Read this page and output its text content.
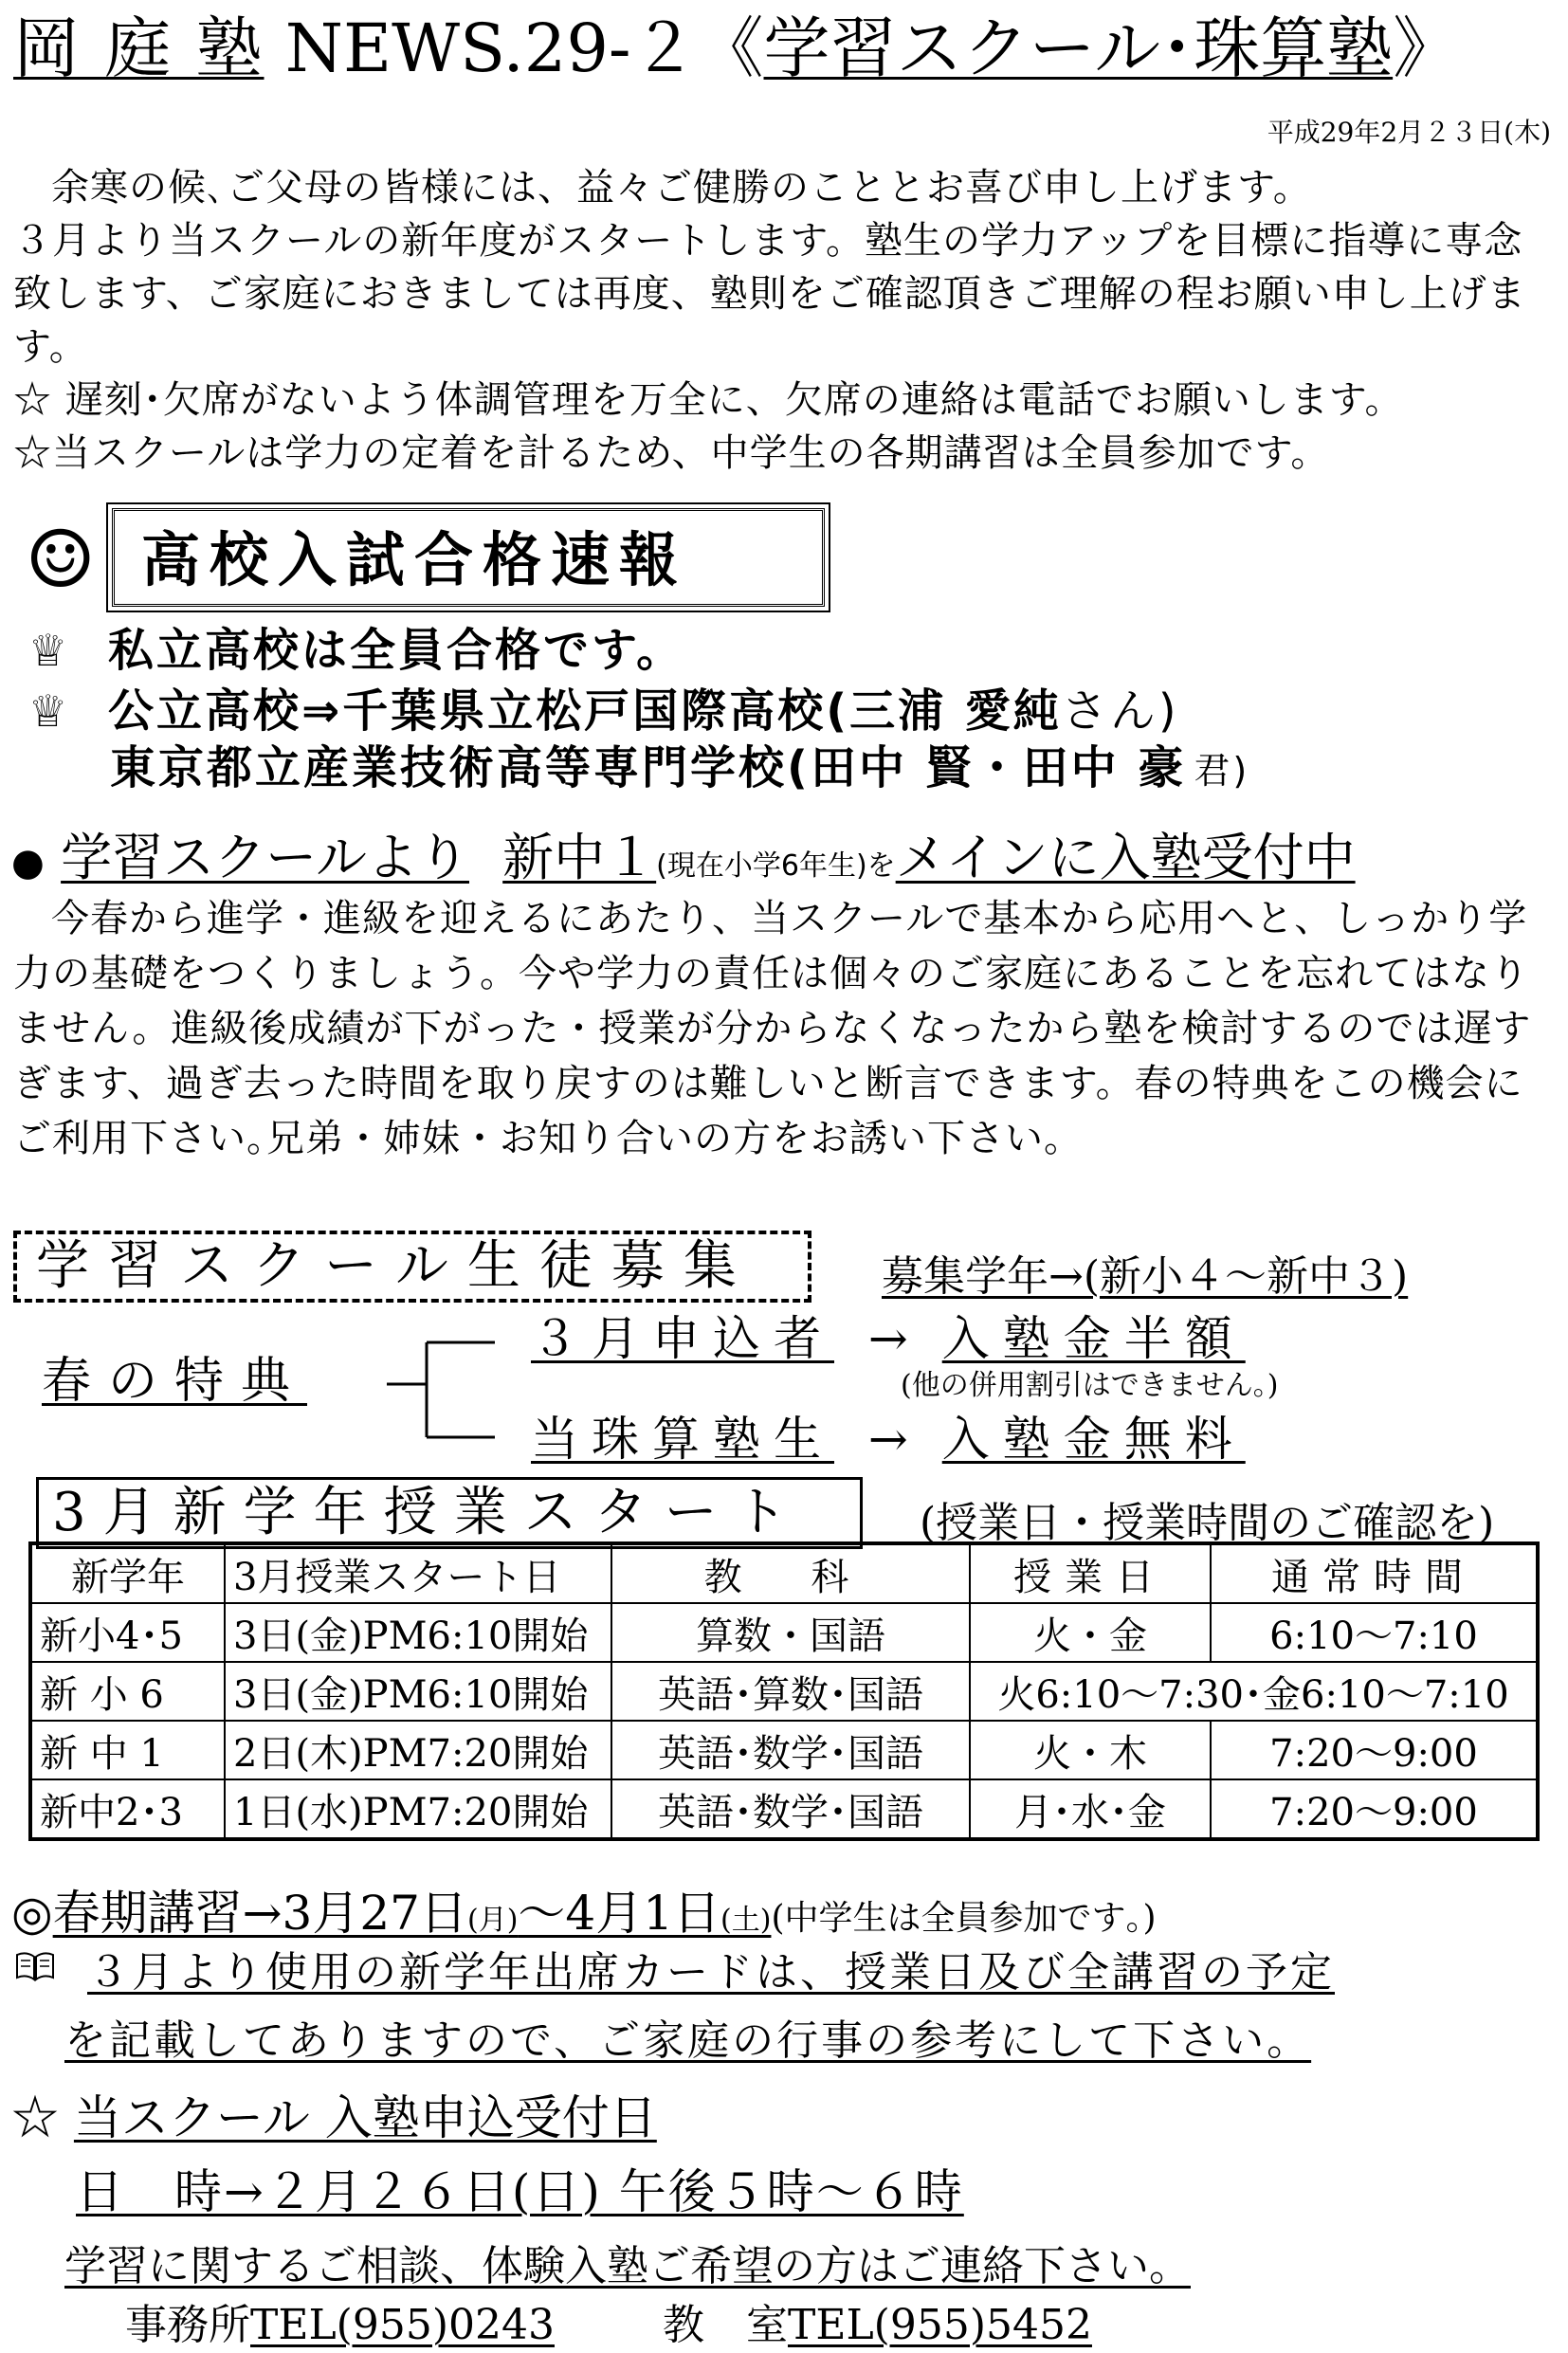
岡 庭 塾 NEWS.29-２《学習スクール･珠算塾》
平成29年2月２３日(木)

余寒の候､ご父母の皆様には、益々ご健勝のこととお喜び申し上げます。

３月より当スクールの新年度がスタートします。塾生の学力アップを目標に指導に専念致します、ご家庭におきましては再度、塾則をご確認頂きご理解の程お願い申し上げます。

☆ 遅刻･欠席がないよう体調管理を万全に、欠席の連絡は電話でお願いします。

☆当スクールは学力の定着を計るため、中学生の各期講習は全員参加です。

☺ 高校入試合格速報
♕ 私立高校は全員合格です。
♕ 公立高校⇒千葉県立松戸国際高校(三浦 愛純さん)
東京都立産業技術高等専門学校(田中 賢・田中 豪 君)
● 学習スクールより 新中１(現在小学6年生)をメインに入塾受付中

今春から進学・進級を迎えるにあたり、当スクールで基本から応用へと、しっかり学力の基礎をつくりましょう。今や学力の責任は個々のご家庭にあることを忘れてはなりません。進級後成績が下がった・授業が分からなくなったから塾を検討するのでは遅すぎます、過ぎ去った時間を取り戻すのは難しいと断言できます。春の特典をこの機会にご利用下さい｡兄弟・姉妹・お知り合いの方をお誘い下さい。

学習スクール生徒募集	募集学年→(新小４～新中３)
春の特典
３月申込者 → 入塾金半額
(他の併用割引はできません｡)
当珠算塾生 → 入塾金無料
3月新学年授業スタート	(授業日・授業時間のご確認を)
新学年	3月授業スタート日	教 科	授業日	通常時間
新小4･5	3日(金)PM6:10開始	算数・国語	火・金	6:10～7:10
新 小 6	3日(金)PM6:10開始	英語･算数･国語	火6:10～7:30･金6:10～7:10	
新 中 1	2日(木)PM7:20開始	英語･数学･国語	火・木	7:20～9:00
新中2･3	1日(水)PM7:20開始	英語･数学･国語	月･水･金	7:20～9:00
◎春期講習→3月27日(月)～4月1日(土)(中学生は全員参加です｡)
３月より使用の新学年出席カードは、授業日及び全講習の予定
を記載してありますので、ご家庭の行事の参考にして下さい。
☆ 当スクール 入塾申込受付日
日　時→２月２６日(日) 午後５時～６時
学習に関するご相談、体験入塾ご希望の方はご連絡下さい。
事務所TEL(955)0243	教　室TEL(955)5452
